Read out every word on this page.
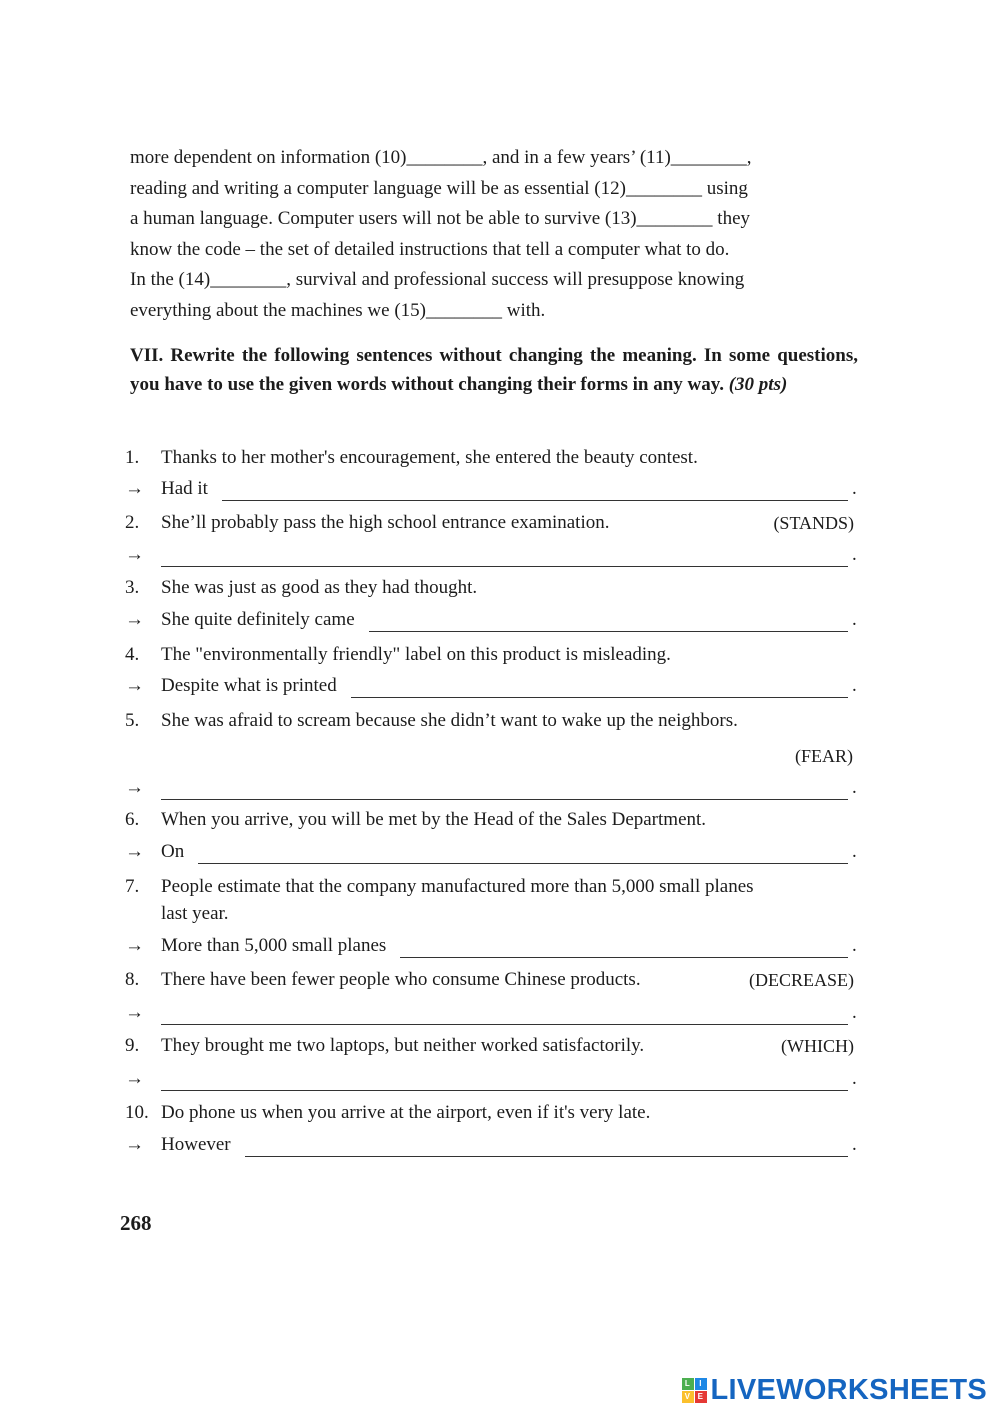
more dependent on information (10)________, and in a few years’ (11)________,

reading and writing a computer language will be as essential (12)________ using

a human language. Computer users will not be able to survive (13)________ they

know the code – the set of detailed instructions that tell a computer what to do.

In the (14)________, survival and professional success will presuppose knowing

everything about the machines we (15)________ with.

VII. Rewrite the following sentences without changing the meaning. In some questions, you have to use the given words without changing their forms in any way. (30 pts)
1. Thanks to her mother's encouragement, she entered the beauty contest.
→ Had it	.
2. She’ll probably pass the high school entrance examination.	(STANDS)
→	.
3. She was just as good as they had thought.
→ She quite definitely came	.
4. The "environmentally friendly" label on this product is misleading.
→ Despite what is printed	.
5. She was afraid to scream because she didn’t want to wake up the neighbors.
(FEAR)
→	.
6. When you arrive, you will be met by the Head of the Sales Department.
→ On	.
7. People estimate that the company manufactured more than 5,000 small planes
last year.
→ More than 5,000 small planes	.
8. There have been fewer people who consume Chinese products.	(DECREASE)
→	.
9. They brought me two laptops, but neither worked satisfactorily.	(WHICH)
→	.
10. Do phone us when you arrive at the airport, even if it's very late.
→ However	.
268
L	I
V E LIVEWORKSHEETS
